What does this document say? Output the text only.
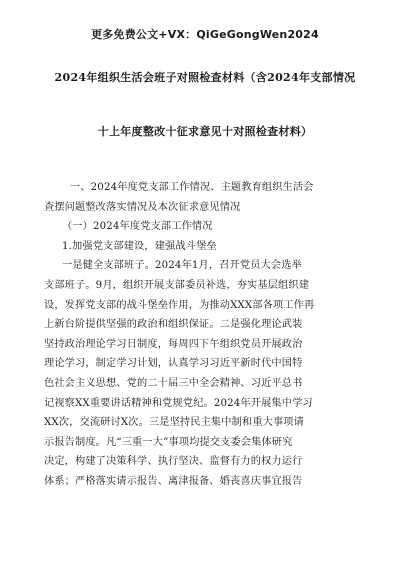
更多免费公文+VX：QiGeGongWen2024
2024年组织生活会班子对照检查材料（含2024年支部情况
十上年度整改十征求意见十对照检查材料）

一、2024年度党支部工作情况、主题教育组织生活会
查摆问题整改落实情况及本次征求意见情况

（一）2024年度党支部工作情况

1.加强党支部建设，建强战斗堡垒

一是健全支部班子。2024年1月，召开党员大会选举
支部班子。9月，组织开展支部委员补选，夯实基层组织建
设，发挥党支部的战斗堡垒作用，为推动XXX部各项工作再
上新台阶提供坚强的政治和组织保证。二是强化理论武装
坚持政治理论学习日制度，每周四下午组织党员开展政治
理论学习，制定学习计划，认真学习习近平新时代中国特
色社会主义思想、党的二十届三中全会精神、习近平总书
记视察XX重要讲话精神和党规党纪。2024年开展集中学习
XX次，交流研讨X次。三是坚持民主集中制和重大事项请
示报告制度。凡“三重一大”事项均提交支委会集体研究
决定，构建了决策科学、执行坚决、监督有力的权力运行
体系；严格落实请示报告、离津报备、婚丧喜庆事宜报告
